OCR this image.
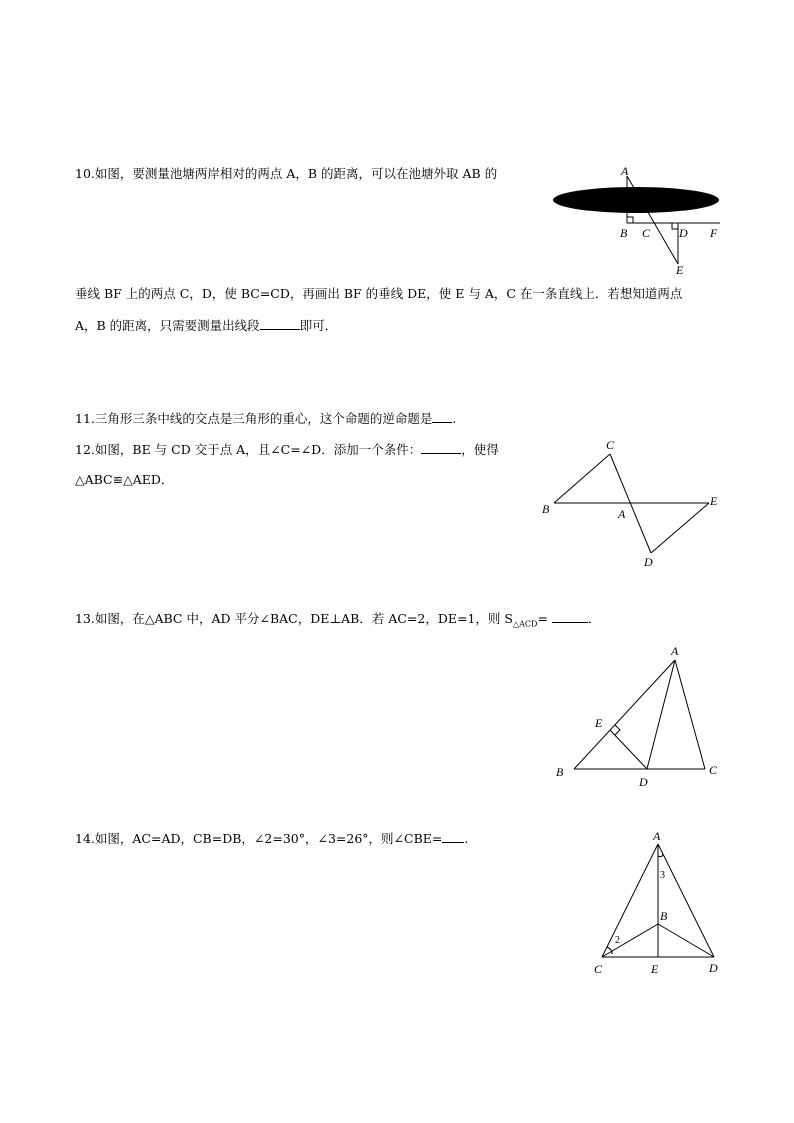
10.如图，要测量池塘两岸相对的两点 A，B 的距离，可以在池塘外取 AB 的
垂线 BF 上的两点 C，D，使 BC=CD，再画出 BF 的垂线 DE，使 E 与 A，C 在一条直线上．若想知道两点
A，B 的距离，只需要测量出线段	即可．
A
B C D F
E
11.三角形三条中线的交点是三角形的重心，这个命题的逆命题是 .
12.如图，BE 与 CD 交于点 A，且∠C=∠D．添加一个条件：	，使得
△ABC≌△AED．
C
B	A
E
D
13.如图，在△ABC 中，AD 平分∠BAC，DE⊥AB．若 AC=2，DE=1，则 $S_{\triangle ACD}=$	．
A
E
B
D
C
14.如图，AC=AD，CB=DB，∠2=30°，∠3=26°，则∠CBE= .	A
3
B
2
C	E	D
